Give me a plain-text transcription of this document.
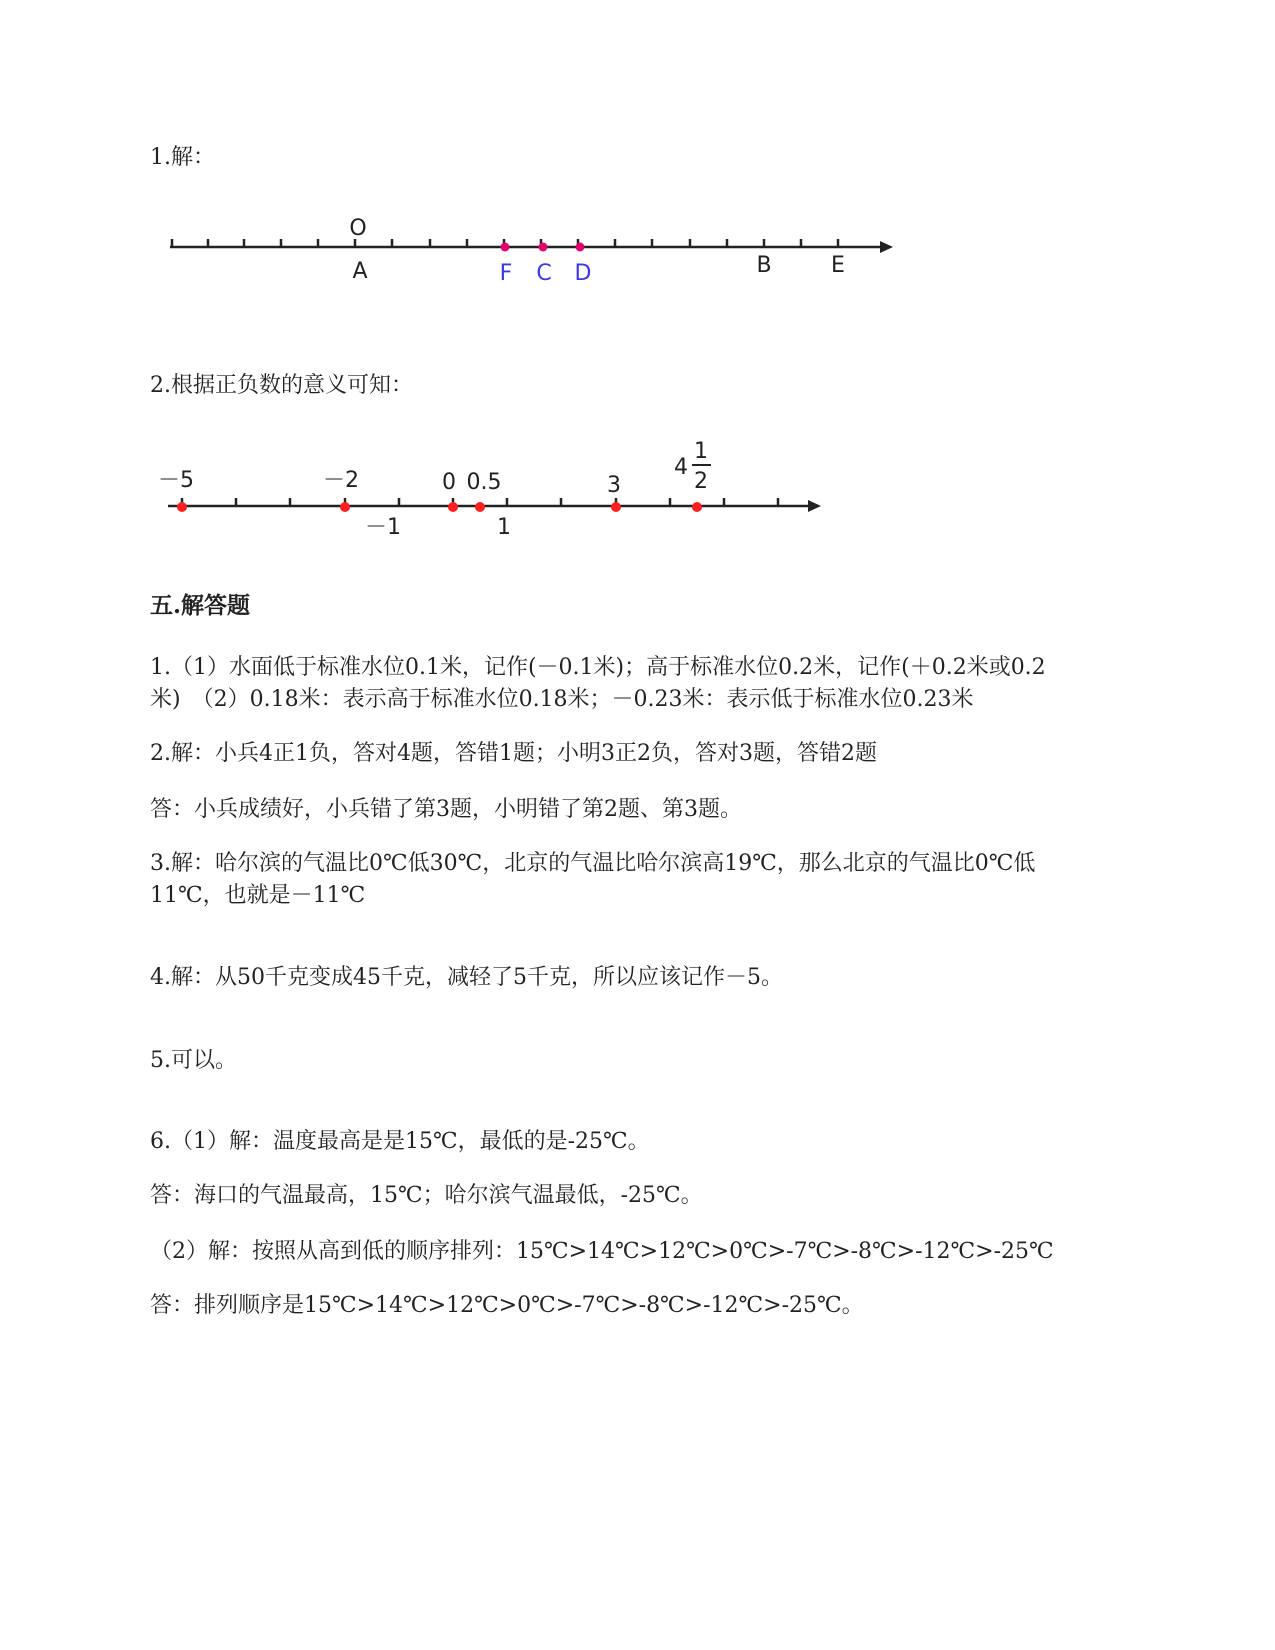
1.解：
O
A	F C D	B	E
2.根据正负数的意义可知：
－5	－2	0 0.5	3
4
1
2
－1	1
五.解答题
1.（1）水面低于标准水位0.1米，记作(－0.1米)；高于标准水位0.2米，记作(＋0.2米或0.2
米)　（2）0.18米：表示高于标准水位0.18米；－0.23米：表示低于标准水位0.23米
2.解：小兵4正1负，答对4题，答错1题；小明3正2负，答对3题，答错2题
答：小兵成绩好，小兵错了第3题，小明错了第2题、第3题。
3.解：哈尔滨的气温比0℃低30℃，北京的气温比哈尔滨高19℃，那么北京的气温比0℃低
11℃，也就是－11℃
4.解：从50千克变成45千克，减轻了5千克，所以应该记作－5。
5.可以。
6.（1）解：温度最高是是15℃，最低的是-25℃。
答：海口的气温最高，15℃；哈尔滨气温最低，-25℃。
（2）解：按照从高到低的顺序排列：15℃>14℃>12℃>0℃>-7℃>-8℃>-12℃>-25℃
答：排列顺序是15℃>14℃>12℃>0℃>-7℃>-8℃>-12℃>-25℃。
